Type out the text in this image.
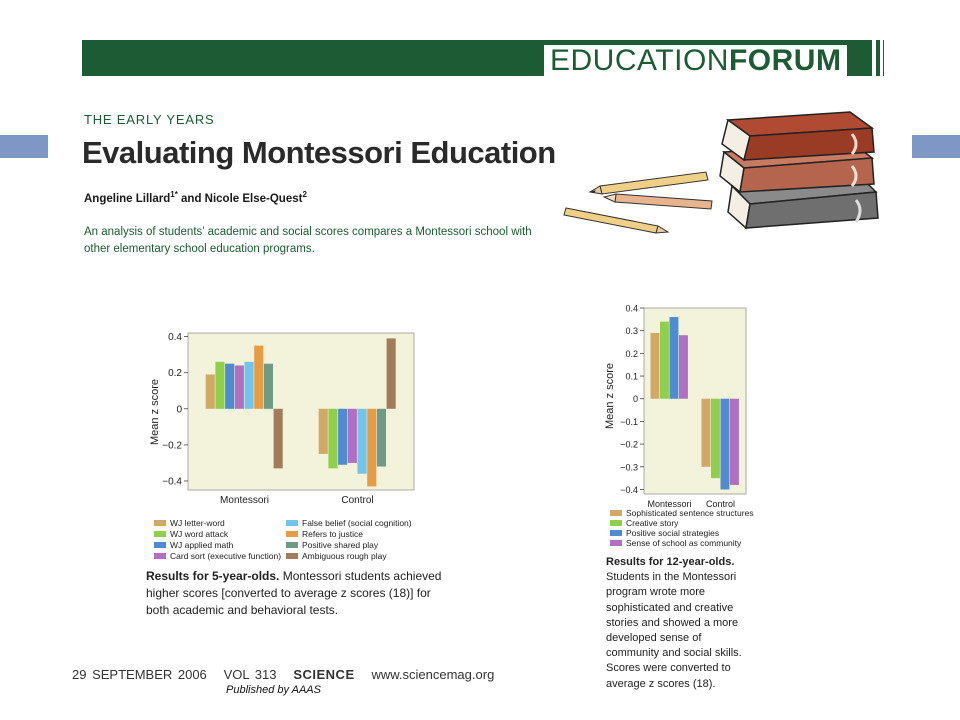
EDUCATIONFORUM
THE EARLY YEARS
Evaluating Montessori Education
Angeline Lillard$^{1*}$ and Nicole Else-Quest$^2$
An analysis of students’ academic and social scores compares a Montessori school with other elementary school education programs.
0.4
0.2
0
−0.2
−0.4
Montessori	Control
Mean z score
WJ letter-word
WJ word attack
WJ applied math
Card sort (executive function)
False belief (social cognition)
Refers to justice
Positive shared play
Ambiguous rough play
0.4
0.3
0.2
0.1
0
−0.1
−0.2
−0.3
−0.4
Montessori Control
Mean z score
Sophisticated sentence structures
Creative story
Positive social strategies
Sense of school as community
Results for 5-year-olds. Montessori students achieved higher scores [converted to average z scores (18)] for both academic and behavioral tests.
Results for 12-year-olds. Students in the Montessori program wrote more sophisticated and creative stories and showed a more developed sense of community and social skills. Scores were converted to average z scores (18).
29 SEPTEMBER 2006 VOL 313 SCIENCE www.sciencemag.org
Published by AAAS
